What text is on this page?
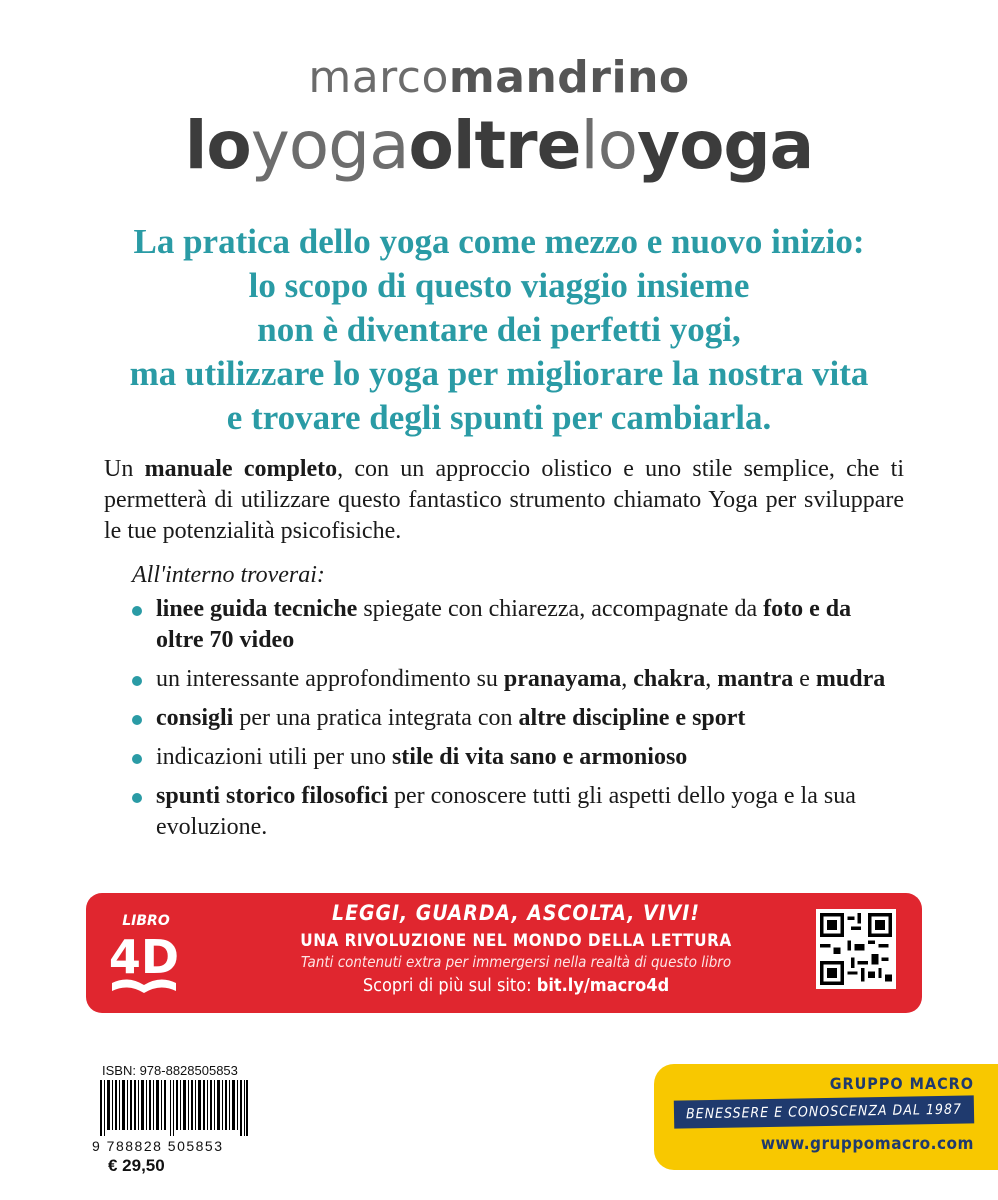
marcomandrino
loyogaoltreloyoga
La pratica dello yoga come mezzo e nuovo inizio:
lo scopo di questo viaggio insieme
non è diventare dei perfetti yogi,
ma utilizzare lo yoga per migliorare la nostra vita
e trovare degli spunti per cambiarla.
Un manuale completo, con un approccio olistico e uno stile semplice, che ti permetterà di utilizzare questo fantastico strumento chiamato Yoga per sviluppare le tue potenzialità psicofisiche.
All'interno troverai:
linee guida tecniche spiegate con chiarezza, accompagnate da foto e da oltre 70 video
un interessante approfondimento su pranayama, chakra, mantra e mudra
consigli per una pratica integrata con altre discipline e sport
indicazioni utili per uno stile di vita sano e armonioso
spunti storico filosofici per conoscere tutti gli aspetti dello yoga e la sua evoluzione.
LIBRO
4D
LEGGI, GUARDA, ASCOLTA, VIVI!
UNA RIVOLUZIONE NEL MONDO DELLA LETTURA
Tanti contenuti extra per immergersi nella realtà di questo libro
Scopri di più sul sito: bit.ly/macro4d
ISBN: 978-8828505853
9 788828 505853
€ 29,50
GRUPPO MACRO
BENESSERE E CONOSCENZA DAL 1987
www.gruppomacro.com
